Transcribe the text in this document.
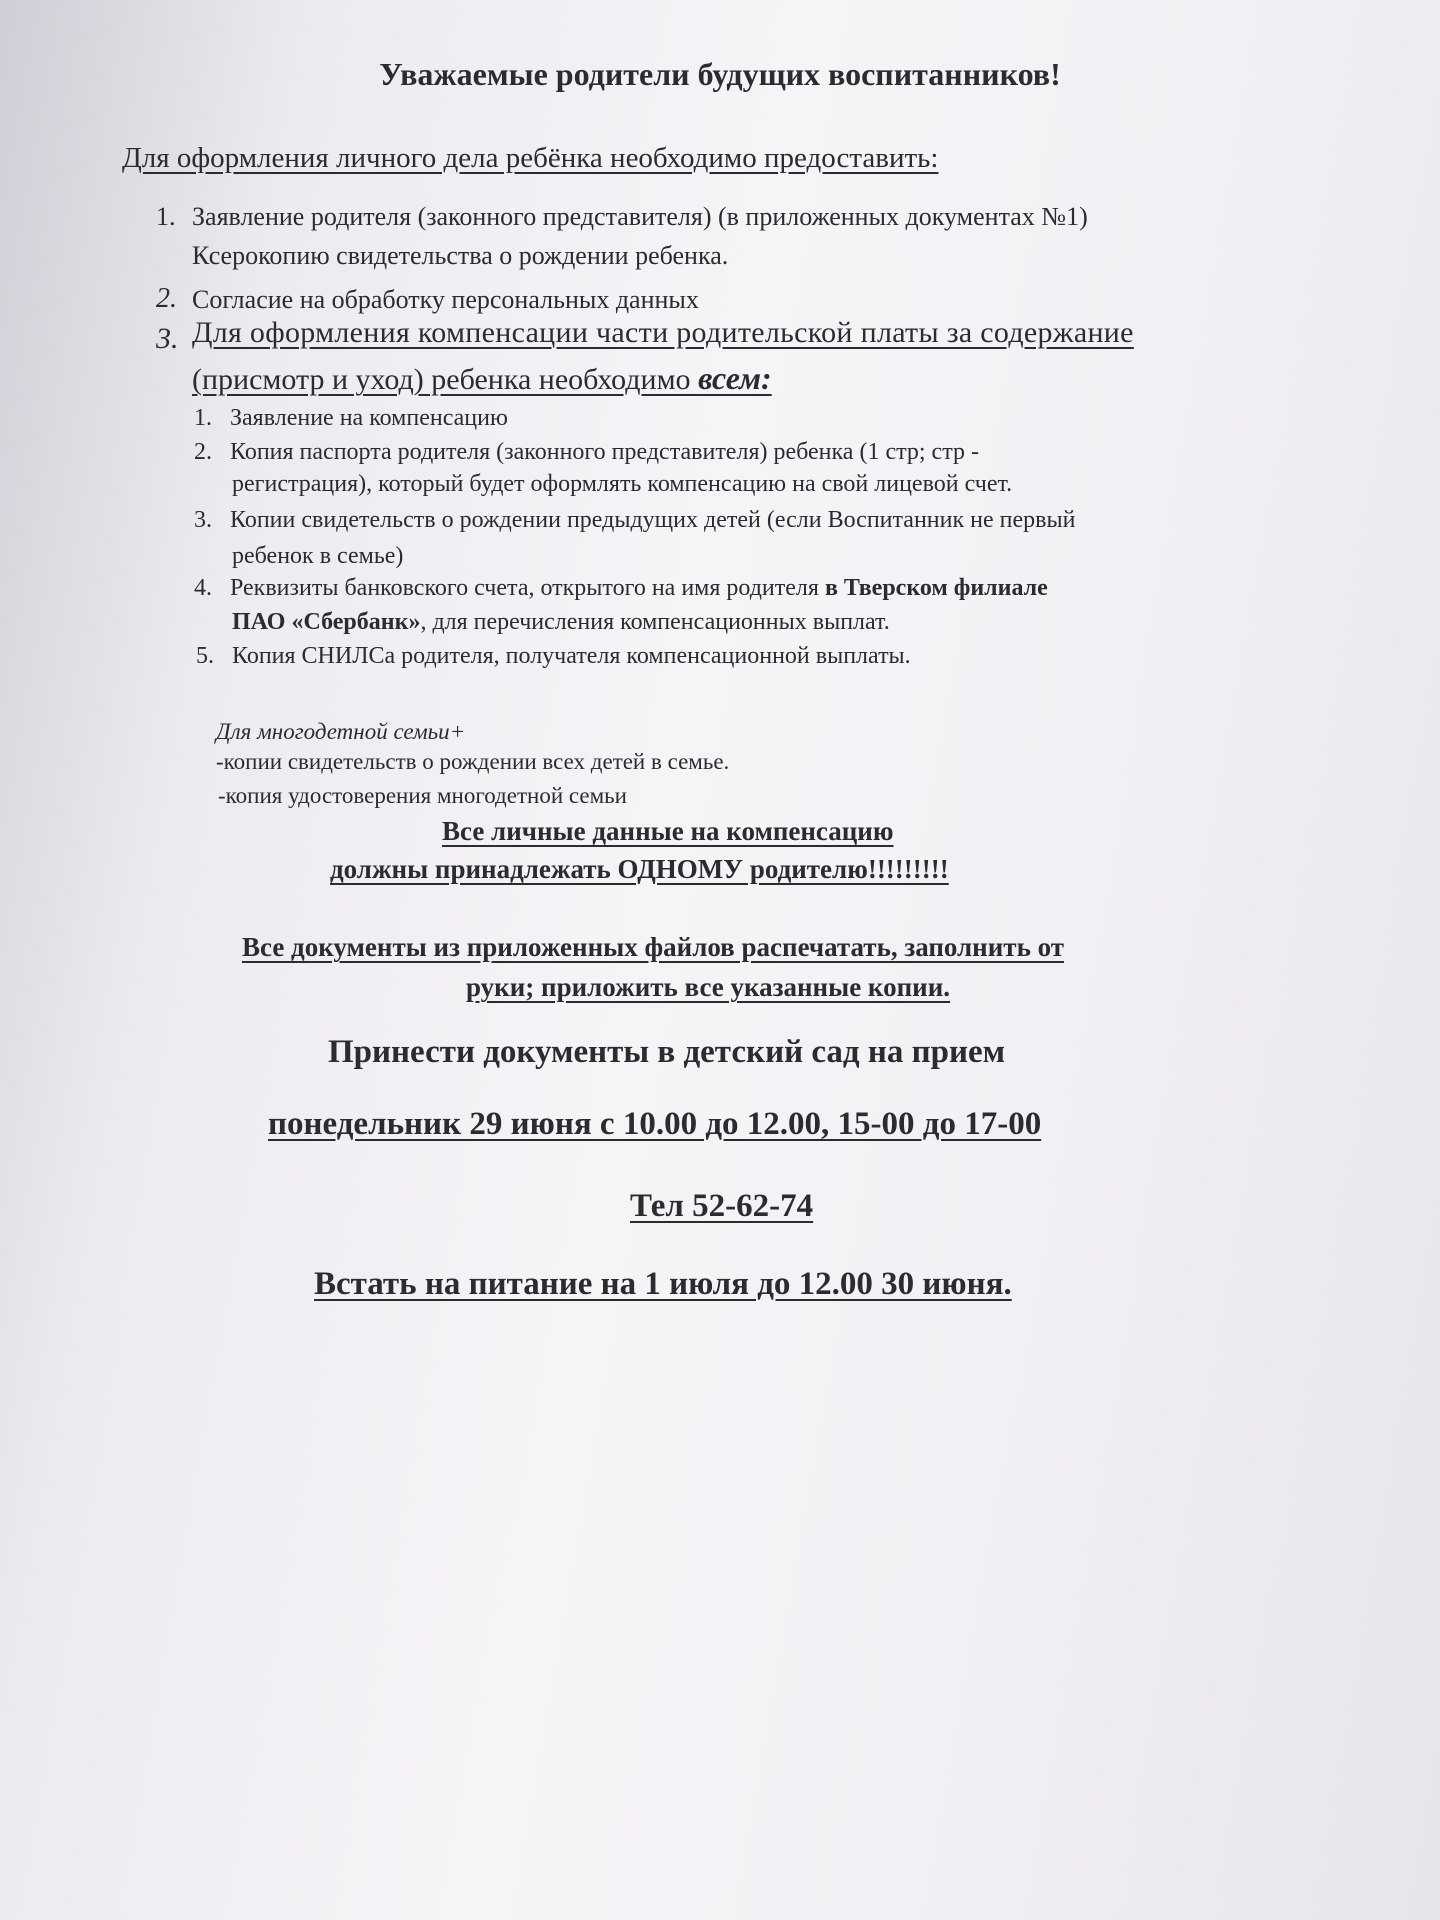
Уважаемые родители будущих воспитанников!
Для оформления личного дела ребёнка необходимо предоставить:
1. Заявление родителя (законного представителя) (в приложенных документах №1)
Ксерокопию свидетельства о рождении ребенка.
2. Согласие на обработку персональных данных
3. Для оформления компенсации части родительской платы за содержание
(присмотр и уход) ребенка необходимо всем:
1. Заявление на компенсацию
2. Копия паспорта родителя (законного представителя) ребенка (1 стр; стр -
регистрация), который будет оформлять компенсацию на свой лицевой счет.
3. Копии свидетельств о рождении предыдущих детей (если Воспитанник не первый
ребенок в семье)
4. Реквизиты банковского счета, открытого на имя родителя в Тверском филиале
ПАО «Сбербанк», для перечисления компенсационных выплат.
5. Копия СНИЛСа родителя, получателя компенсационной выплаты.
Для многодетной семьи+
-копии свидетельств о рождении всех детей в семье.
-копия удостоверения многодетной семьи
Все личные данные на компенсацию
должны принадлежать ОДНОМУ родителю!!!!!!!!!
Все документы из приложенных файлов распечатать, заполнить от
руки; приложить все указанные копии.
Принести документы в детский сад на прием
понедельник 29 июня с 10.00 до 12.00, 15-00 до 17-00
Тел 52-62-74
Встать на питание на 1 июля до 12.00 30 июня.
